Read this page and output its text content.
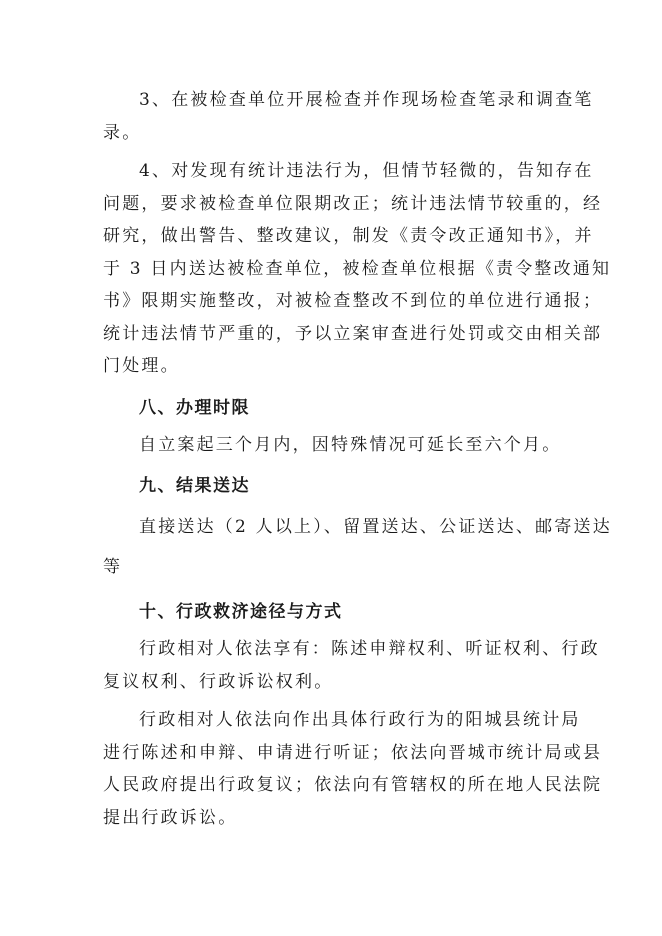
3、在被检查单位开展检查并作现场检查笔录和调查笔
录。

4、对发现有统计违法行为，但情节轻微的，告知存在
问题，要求被检查单位限期改正；统计违法情节较重的，经
研究，做出警告、整改建议，制发《责令改正通知书》，并
于 3 日内送达被检查单位，被检查单位根据《责令整改通知
书》限期实施整改，对被检查整改不到位的单位进行通报；
统计违法情节严重的，予以立案审查进行处罚或交由相关部
门处理。

八、办理时限

自立案起三个月内，因特殊情况可延长至六个月。

九、结果送达

直接送达（2 人以上）、留置送达、公证送达、邮寄送达
等

十、行政救济途径与方式

行政相对人依法享有：陈述申辩权利、听证权利、行政
复议权利、行政诉讼权利。

行政相对人依法向作出具体行政行为的阳城县统计局
进行陈述和申辩、申请进行听证；依法向晋城市统计局或县
人民政府提出行政复议；依法向有管辖权的所在地人民法院
提出行政诉讼。
